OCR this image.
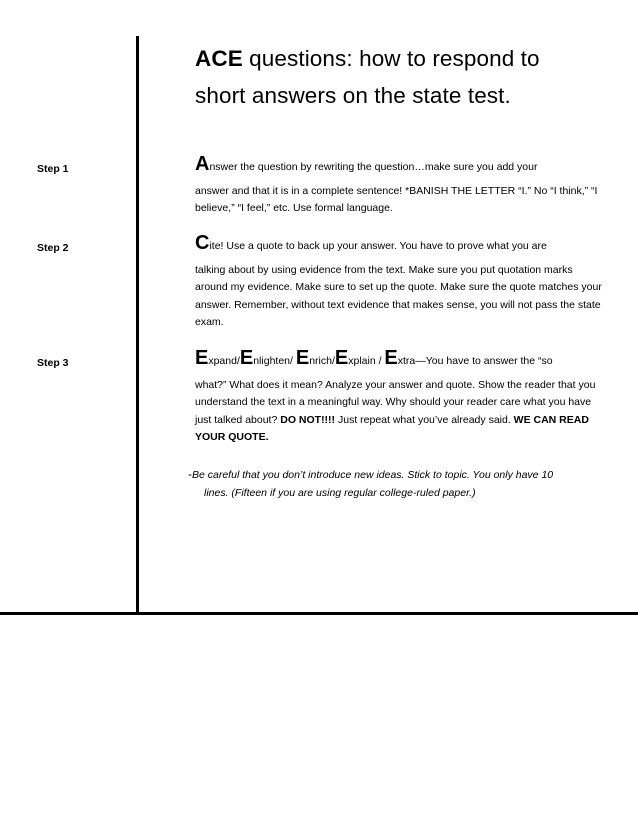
ACE questions: how to respond to
short answers on the state test.
Step 1	Answer the question by rewriting the question…make sure you add your
answer and that it is in a complete sentence! *BANISH THE LETTER “I.” No “I think,” “I believe,” “I feel,” etc. Use formal language.
Step 2	Cite! Use a quote to back up your answer. You have to prove what you are
talking about by using evidence from the text. Make sure you put quotation marks around my evidence. Make sure to set up the quote. Make sure the quote matches your answer. Remember, without text evidence that makes sense, you will not pass the state exam.
Step 3	Expand/Enlighten/ Enrich/Explain / Extra—You have to answer the “so
what?” What does it mean? Analyze your answer and quote. Show the reader that you understand the text in a meaningful way. Why should your reader care what you have just talked about? DO NOT!!!! Just repeat what you’ve already said. WE CAN READ YOUR QUOTE.
-Be careful that you don’t introduce new ideas. Stick to topic. You only have 10
lines. (Fifteen if you are using regular college-ruled paper.)
